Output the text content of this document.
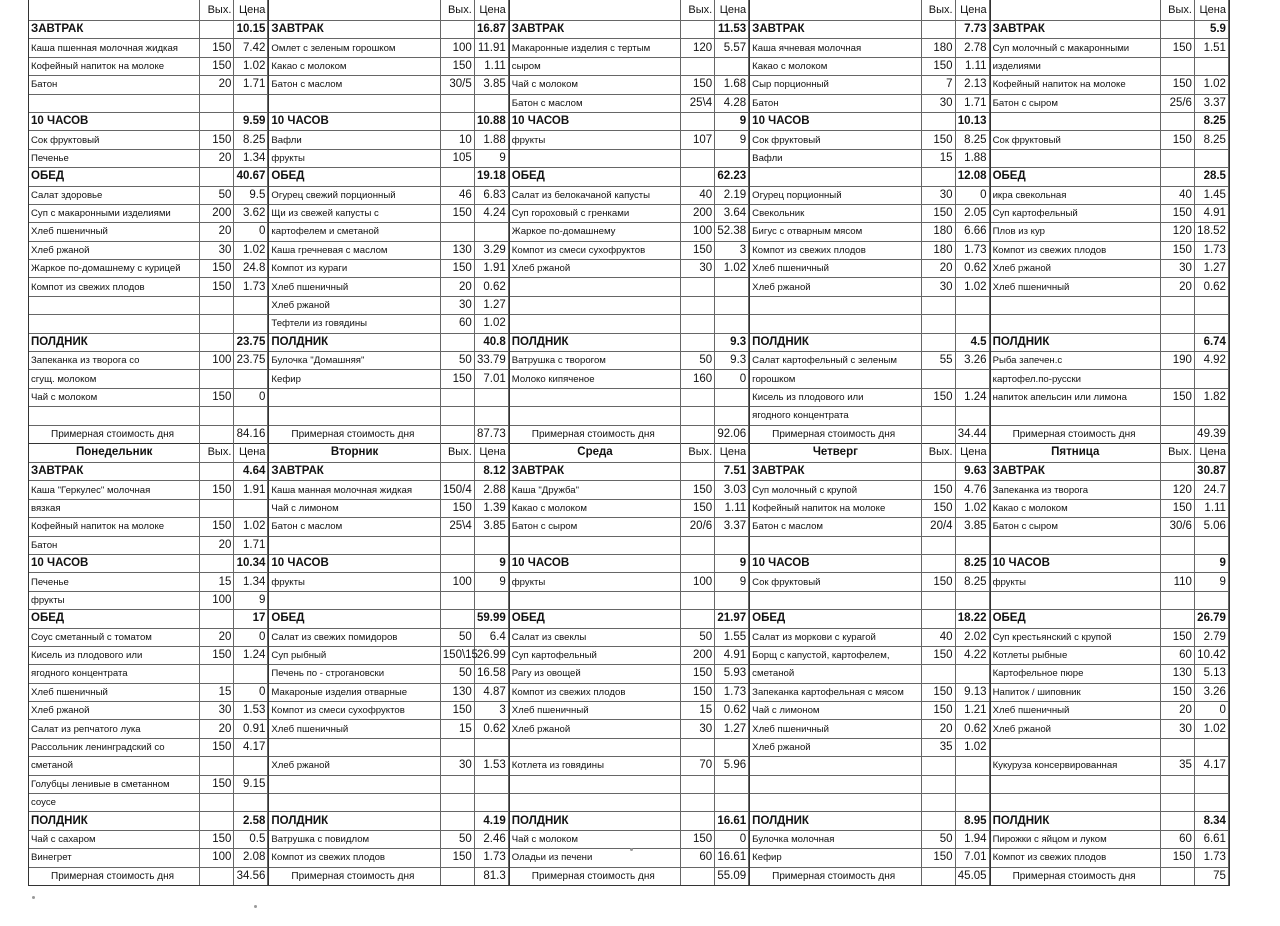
	Вых.	Цена
ЗАВТРАК		10.15
Каша пшенная молочная жидкая	150	7.42
Кофейный напиток на молоке	150	1.02
Батон	20	1.71

10 ЧАСОВ		9.59
Сок фруктовый	150	8.25
Печенье	20	1.34
ОБЕД		40.67
Салат здоровье	50	9.5
Суп с макаронными изделиями	200	3.62
Хлеб пшеничный	20	0
Хлеб ржаной	30	1.02
Жаркое по-домашнему с курицей	150	24.8
Компот из свежих плодов	150	1.73

ПОЛДНИК		23.75
Запеканка из творога со	100	23.75
сгущ. молоком		
Чай с молоком	150	0

Примерная стоимость дня		84.16
	Вых.	Цена
ЗАВТРАК		16.87
Омлет с зеленым горошком	100	11.91
Какао с молоком	150	1.11
Батон с маслом	30/5	3.85

10 ЧАСОВ		10.88
Вафли	10	1.88
фрукты	105	9
ОБЕД		19.18
Огурец свежий порционный	46	6.83
Щи из свежей капусты с	150	4.24
картофелем и сметаной		
Каша гречневая с маслом	130	3.29
Компот из кураги	150	1.91
Хлеб пшеничный	20	0.62
Хлеб ржаной	30	1.27
Тефтели из говядины	60	1.02
ПОЛДНИК		40.8
Булочка "Домашняя"	50	33.79
Кефир	150	7.01

Примерная стоимость дня		87.73
	Вых.	Цена
ЗАВТРАК		11.53
Макаронные изделия с тертым	120	5.57
сыром		
Чай с молоком	150	1.68
Батон с маслом	25\4	4.28
10 ЧАСОВ		9
фрукты	107	9

ОБЕД		62.23
Салат из белокачаной капусты	40	2.19
Суп гороховый с гренками	200	3.64
Жаркое по-домашнему	100	52.38
Компот из смеси сухофруктов	150	3
Хлеб ржаной	30	1.02

ПОЛДНИК		9.3
Ватрушка с творогом	50	9.3
Молоко кипяченое	160	0

Примерная стоимость дня		92.06
	Вых.	Цена
ЗАВТРАК		7.73
Каша ячневая молочная	180	2.78
Какао с молоком	150	1.11
Сыр порционный	7	2.13
Батон	30	1.71
10 ЧАСОВ		10.13
Сок фруктовый	150	8.25
Вафли	15	1.88
		12.08
Огурец порционный	30	0
Свекольник	150	2.05
Бигус с отварным мясом	180	6.66
Компот из свежих плодов	180	1.73
Хлеб пшеничный	20	0.62
Хлеб ржаной	30	1.02

ПОЛДНИК		4.5
Салат картофельный с зеленым	55	3.26
горошком		
Кисель из плодового или	150	1.24
ягодного концентрата		
Примерная стоимость дня		34.44
	Вых.	Цена
ЗАВТРАК		5.9
Суп молочный с макаронными	150	1.51
изделиями		
Кофейный напиток на молоке	150	1.02
Батон с сыром	25/6	3.37
		8.25
Сок фруктовый	150	8.25

ОБЕД		28.5
икра свекольная	40	1.45
Суп картофельный	150	4.91
Плов из кур	120	18.52
Компот из свежих плодов	150	1.73
Хлеб ржаной	30	1.27
Хлеб пшеничный	20	0.62

ПОЛДНИК		6.74
Рыба запечен.с	190	4.92
картофел.по-русски		
напиток апельсин или лимона	150	1.82

Примерная стоимость дня		49.39
Понедельник	Вых.	Цена
ЗАВТРАК		4.64
Каша "Геркулес" молочная	150	1.91
вязкая		
Кофейный напиток на молоке	150	1.02
Батон	20	1.71
10 ЧАСОВ		10.34
Печенье	15	1.34
фрукты	100	9
ОБЕД		17
Соус сметанный с томатом	20	0
Кисель из плодового или	150	1.24
ягодного концентрата		
Хлеб пшеничный	15	0
Хлеб ржаной	30	1.53
Салат из репчатого лука	20	0.91
Рассольник ленинградский со	150	4.17
сметаной		
Голубцы ленивые в сметанном	150	9.15
соусе		
ПОЛДНИК		2.58
Чай с сахаром	150	0.5
Винегрет	100	2.08
Примерная стоимость дня		34.56
Вторник	Вых.	Цена
ЗАВТРАК		8.12
Каша манная молочная жидкая	150/4	2.88
Чай с лимоном	150	1.39
Батон с маслом	25\4	3.85

10 ЧАСОВ		9
фрукты	100	9

ОБЕД		59.99
Салат из свежих помидоров	50	6.4
Суп рыбный	150\15	26.99
Печень по - строгановски	50	16.58
Макароные изделия отварные	130	4.87
Компот из смеси сухофруктов	150	3
Хлеб пшеничный	15	0.62

Хлеб ржаной	30	1.53

ПОЛДНИК		4.19
Ватрушка с повидлом	50	2.46
Компот из свежих плодов	150	1.73
Примерная стоимость дня		81.3
Среда	Вых.	Цена
ЗАВТРАК		7.51
Каша "Дружба"	150	3.03
Какао с молоком	150	1.11
Батон с сыром	20/6	3.37

10 ЧАСОВ		9
фрукты	100	9

ОБЕД		21.97
Салат из свеклы	50	1.55
Суп картофельный	200	4.91
Рагу из овощей	150	5.93
Компот из свежих плодов	150	1.73
Хлеб пшеничный	15	0.62
Хлеб ржаной	30	1.27

Котлета из говядины	70	5.96

ПОЛДНИК		16.61
Чай с молоком	150	0
Оладьи из печени	60	16.61
Примерная стоимость дня		55.09
Четверг	Вых.	Цена
ЗАВТРАК		9.63
Суп молочный с крупой	150	4.76
Кофейный напиток на молоке	150	1.02
Батон с маслом	20/4	3.85

10 ЧАСОВ		8.25
Сок фруктовый	150	8.25

ОБЕД		18.22
Салат из моркови с курагой	40	2.02
Борщ с капустой, картофелем,	150	4.22
сметаной		
Запеканка картофельная с мясом	150	9.13
Чай с лимоном	150	1.21
Хлеб пшеничный	20	0.62
Хлеб ржаной	35	1.02

ПОЛДНИК		8.95
Булочка молочная	50	1.94
Кефир	150	7.01
Примерная стоимость дня		45.05
Пятница	Вых.	Цена
ЗАВТРАК		30.87
Запеканка из творога	120	24.7
Какао с молоком	150	1.11
Батон с сыром	30/6	5.06

10 ЧАСОВ		9
фрукты	110	9

ОБЕД		26.79
Суп крестьянский с крупой	150	2.79
Котлеты рыбные	60	10.42
Картофельное пюре	130	5.13
Напиток / шиповник	150	3.26
Хлеб пшеничный	20	0
Хлеб ржаной	30	1.02

Кукуруза консервированная	35	4.17

ПОЛДНИК		8.34
Пирожки с яйцом и луком	60	6.61
Компот из свежих плодов	150	1.73
Примерная стоимость дня		75
